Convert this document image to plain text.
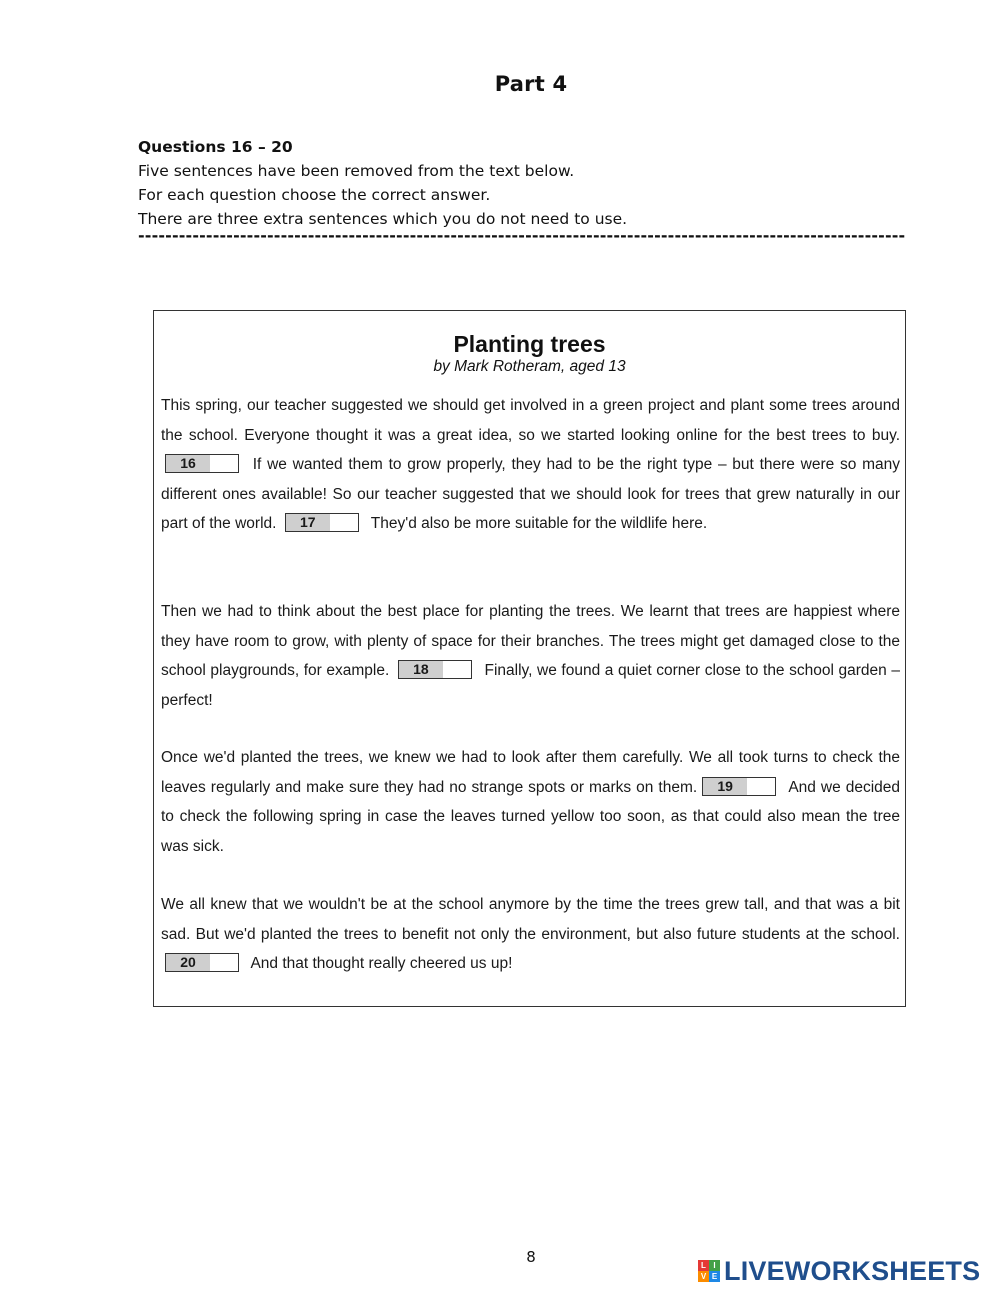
Part 4
Questions 16 – 20
Five sentences have been removed from the text below.
For each question choose the correct answer.
There are three extra sentences which you do not need to use.
-----------------------------------------------------------------------------------------------------------------
Planting trees
by Mark Rotheram, aged 13
This spring, our teacher suggested we should get involved in a green project and plant some trees around the school. Everyone thought it was a great idea, so we started looking online for the best trees to buy.
16	If we wanted them to grow properly, they had to be the right type – but there were so many different ones available! So our teacher suggested that we should look for trees that grew naturally in our part of the world.	17	They'd also be more suitable for the wildlife here.
Then we had to think about the best place for planting the trees. We learnt that trees are happiest where they have room to grow, with plenty of space for their branches. The trees might get damaged close to the school playgrounds, for example.	18	Finally, we found a quiet corner close to the school garden – perfect!
Once we'd planted the trees, we knew we had to look after them carefully. We all took turns to check the leaves regularly and make sure they had no strange spots or marks on them.	19	And we decided to check the following spring in case the leaves turned yellow too soon, as that could also mean the tree was sick.
We all knew that we wouldn't be at the school anymore by the time the trees grew tall, and that was a bit sad. But we'd planted the trees to benefit not only the environment, but also future students at the school.
20	And that thought really cheered us up!
8	L I
V E LIVEWORKSHEETS
